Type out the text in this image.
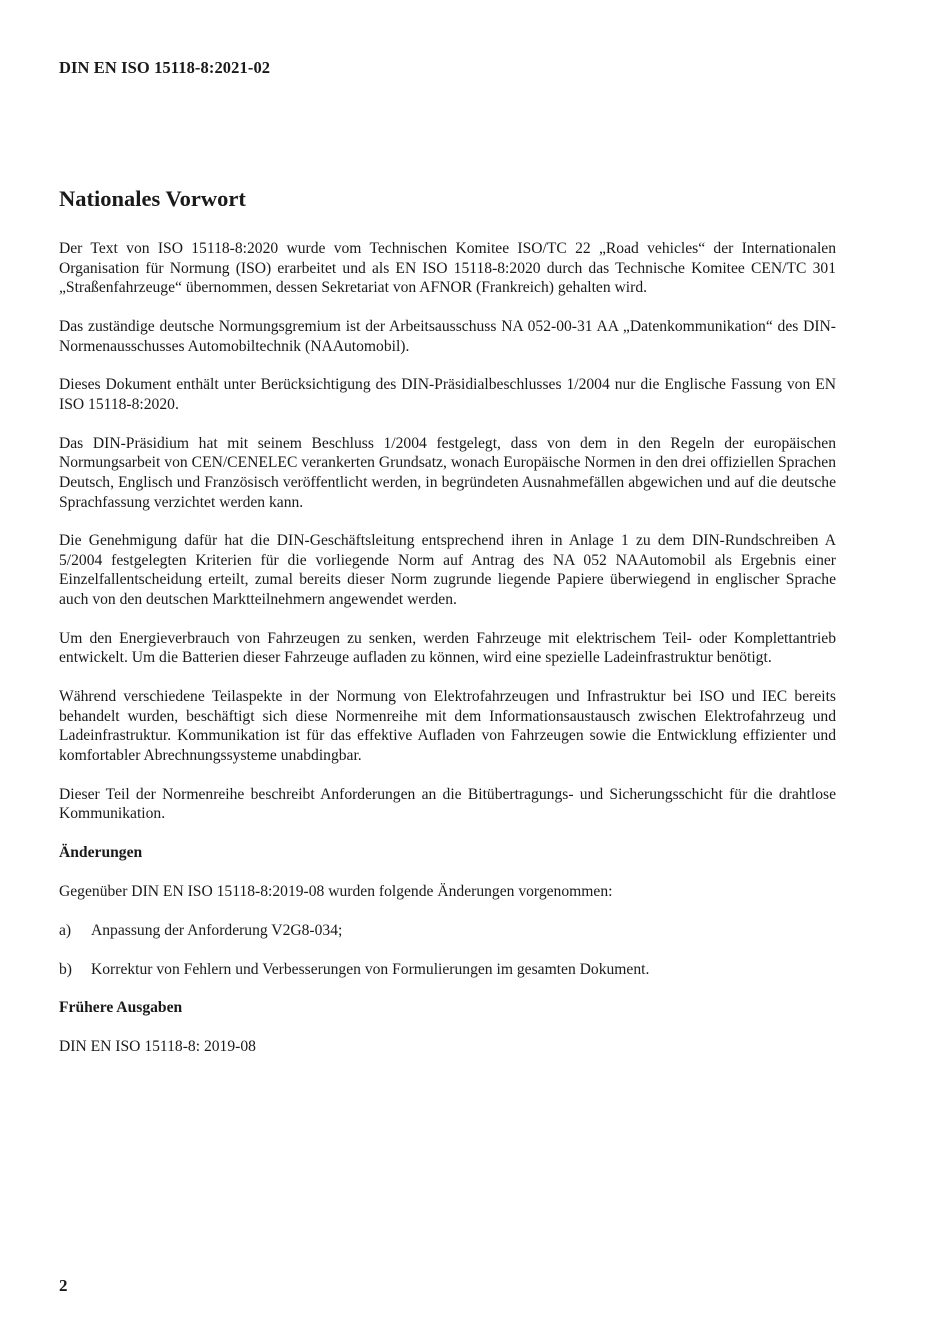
DIN EN ISO 15118-8:2021-02
Nationales Vorwort

Der Text von ISO 15118-8:2020 wurde vom Technischen Komitee ISO/TC 22 „Road vehicles“ der Internationalen Organisation für Normung (ISO) erarbeitet und als EN ISO 15118-8:2020 durch das Technische Komitee CEN/TC 301 „Straßenfahrzeuge“ übernommen, dessen Sekretariat von AFNOR (Frankreich) gehalten wird.

Das zuständige deutsche Normungsgremium ist der Arbeitsausschuss NA 052-00-31 AA „Datenkommunikation“ des DIN-Normenausschusses Automobiltechnik (NAAutomobil).

Dieses Dokument enthält unter Berücksichtigung des DIN-Präsidialbeschlusses 1/2004 nur die Englische Fassung von EN ISO 15118-8:2020.

Das DIN-Präsidium hat mit seinem Beschluss 1/2004 festgelegt, dass von dem in den Regeln der europäischen Normungsarbeit von CEN/CENELEC verankerten Grundsatz, wonach Europäische Normen in den drei offiziellen Sprachen Deutsch, Englisch und Französisch veröffentlicht werden, in begründeten Ausnahmefällen abgewichen und auf die deutsche Sprachfassung verzichtet werden kann.

Die Genehmigung dafür hat die DIN-Geschäftsleitung entsprechend ihren in Anlage 1 zu dem DIN-Rundschreiben A 5/2004 festgelegten Kriterien für die vorliegende Norm auf Antrag des NA 052 NAAutomobil als Ergebnis einer Einzelfallentscheidung erteilt, zumal bereits dieser Norm zugrunde liegende Papiere überwiegend in englischer Sprache auch von den deutschen Marktteilnehmern angewendet werden.

Um den Energieverbrauch von Fahrzeugen zu senken, werden Fahrzeuge mit elektrischem Teil- oder Komplettantrieb entwickelt. Um die Batterien dieser Fahrzeuge aufladen zu können, wird eine spezielle Ladeinfrastruktur benötigt.

Während verschiedene Teilaspekte in der Normung von Elektrofahrzeugen und Infrastruktur bei ISO und IEC bereits behandelt wurden, beschäftigt sich diese Normenreihe mit dem Informationsaustausch zwischen Elektrofahrzeug und Ladeinfrastruktur. Kommunikation ist für das effektive Aufladen von Fahrzeugen sowie die Entwicklung effizienter und komfortabler Abrechnungssysteme unabdingbar.

Dieser Teil der Normenreihe beschreibt Anforderungen an die Bitübertragungs- und Sicherungsschicht für die drahtlose Kommunikation.

Änderungen

Gegenüber DIN EN ISO 15118-8:2019-08 wurden folgende Änderungen vorgenommen:

a)	Anpassung der Anforderung V2G8-034;

b)	Korrektur von Fehlern und Verbesserungen von Formulierungen im gesamten Dokument.

Frühere Ausgaben

DIN EN ISO 15118-8: 2019-08

2
